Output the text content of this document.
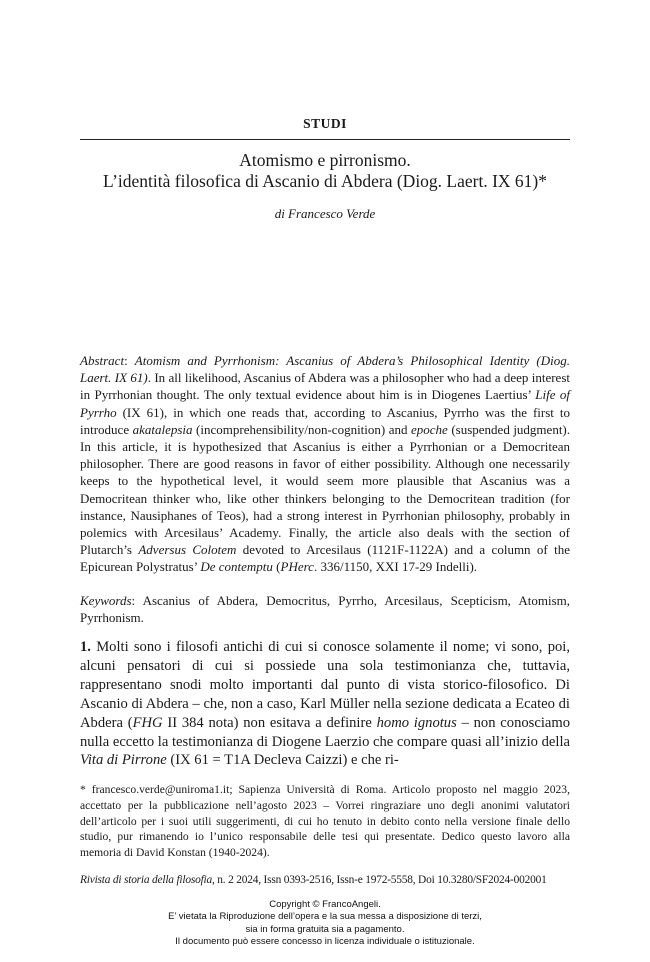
STUDI
Atomismo e pirronismo.
L’identità filosofica di Ascanio di Abdera (Diog. Laert. IX 61)*
di Francesco Verde
Abstract: Atomism and Pyrrhonism: Ascanius of Abdera’s Philosophical Identity (Diog. Laert. IX 61). In all likelihood, Ascanius of Abdera was a philosopher who had a deep interest in Pyrrhonian thought. The only textual evidence about him is in Diogenes Laertius’ Life of Pyrrho (IX 61), in which one reads that, according to Ascanius, Pyrrho was the first to introduce akatalepsia (incomprehensibility/non-cognition) and epoche (suspended judgment). In this article, it is hypothesized that Ascanius is either a Pyrrhonian or a Democritean philosopher. There are good reasons in favor of either possibility. Although one necessarily keeps to the hypothetical level, it would seem more plausible that Ascanius was a Democritean thinker who, like other thinkers belonging to the Democritean tradition (for instance, Nausiphanes of Teos), had a strong interest in Pyrrhonian philosophy, probably in polemics with Arcesilaus’ Academy. Finally, the article also deals with the section of Plutarch’s Adversus Colotem devoted to Arcesilaus (1121F-1122A) and a column of the Epicurean Polystratus’ De contemptu (PHerc. 336/1150, XXI 17-29 Indelli).
Keywords: Ascanius of Abdera, Democritus, Pyrrho, Arcesilaus, Scepticism, Atomism, Pyrrhonism.
1. Molti sono i filosofi antichi di cui si conosce solamente il nome; vi sono, poi, alcuni pensatori di cui si possiede una sola testimonianza che, tuttavia, rappresentano snodi molto importanti dal punto di vista storico-filosofico. Di Ascanio di Abdera – che, non a caso, Karl Müller nella sezione dedicata a Ecateo di Abdera (FHG II 384 nota) non esitava a definire homo ignotus – non conosciamo nulla eccetto la testimonianza di Diogene Laerzio che compare quasi all’inizio della Vita di Pirrone (IX 61 = T1A Decleva Caizzi) e che ri-
* francesco.verde@uniroma1.it; Sapienza Università di Roma. Articolo proposto nel maggio 2023, accettato per la pubblicazione nell’agosto 2023 – Vorrei ringraziare uno degli anonimi valutatori dell’articolo per i suoi utili suggerimenti, di cui ho tenuto in debito conto nella versione finale dello studio, pur rimanendo io l’unico responsabile delle tesi qui presentate. Dedico questo lavoro alla memoria di David Konstan (1940-2024).
Rivista di storia della filosofia, n. 2 2024, Issn 0393-2516, Issn-e 1972-5558, Doi 10.3280/SF2024-002001
Copyright © FrancoAngeli.
E’ vietata la Riproduzione dell’opera e la sua messa a disposizione di terzi,
sia in forma gratuita sia a pagamento.
Il documento può essere concesso in licenza individuale o istituzionale.
